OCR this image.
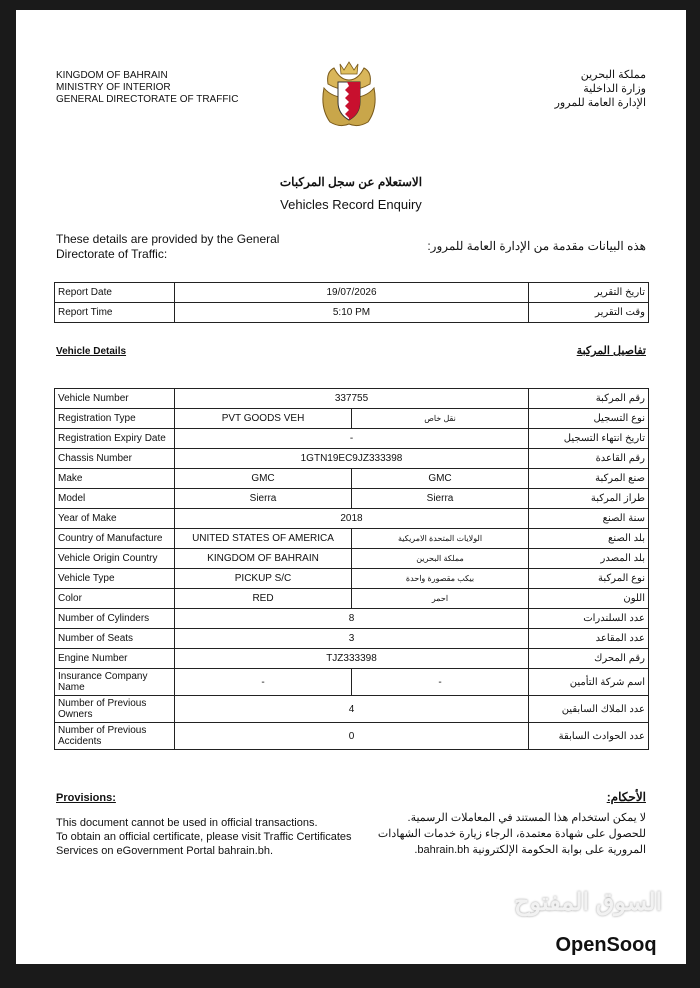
KINGDOM OF BAHRAIN
MINISTRY OF INTERIOR
GENERAL DIRECTORATE OF TRAFFIC
مملكة البحرين
وزارة الداخلية
الإدارة العامة للمرور
الاستعلام عن سجل المركبات
Vehicles Record Enquiry
These details are provided by the General Directorate of Traffic:
هذه البيانات مقدمة من الإدارة العامة للمرور:
Report Date	19/07/2026	تاريخ التقرير
Report Time	5:10 PM	وقت التقرير
Vehicle Details	تفاصيل المركبة
Vehicle Number	337755		رقم المركبة
Registration Type	PVT GOODS VEH	نقل خاص	نوع التسجيل
Registration Expiry Date	-		تاريخ انتهاء التسجيل
Chassis Number	1GTN19EC9JZ333398		رقم القاعدة
Make	GMC	GMC	صنع المركبة
Model	Sierra	Sierra	طراز المركبة
Year of Make	2018		سنة الصنع
Country of Manufacture	UNITED STATES OF AMERICA	الولايات المتحدة الامريكية	بلد الصنع
Vehicle Origin Country	KINGDOM OF BAHRAIN	مملكة البحرين	بلد المصدر
Vehicle Type	PICKUP S/C	بيكب مقصورة واحدة	نوع المركبة
Color	RED	احمر	اللون
Number of Cylinders	8		عدد السلندرات
Number of Seats	3		عدد المقاعد
Engine Number	TJZ333398		رقم المحرك
Insurance Company Name	-	-	اسم شركة التأمين
Number of Previous Owners	4		عدد الملاك السابقين
Number of Previous Accidents	0		عدد الحوادث السابقة
Provisions:	الأحكام:
This document cannot be used in official transactions.
To obtain an official certificate, please visit Traffic Certificates Services on eGovernment Portal bahrain.bh.
لا يمكن استخدام هذا المستند في المعاملات الرسمية.
للحصول على شهادة معتمدة، الرجاء زيارة خدمات الشهادات المرورية على بوابة الحكومة الإلكترونية bahrain.bh.
السوق المفتوح
OpenSooq
